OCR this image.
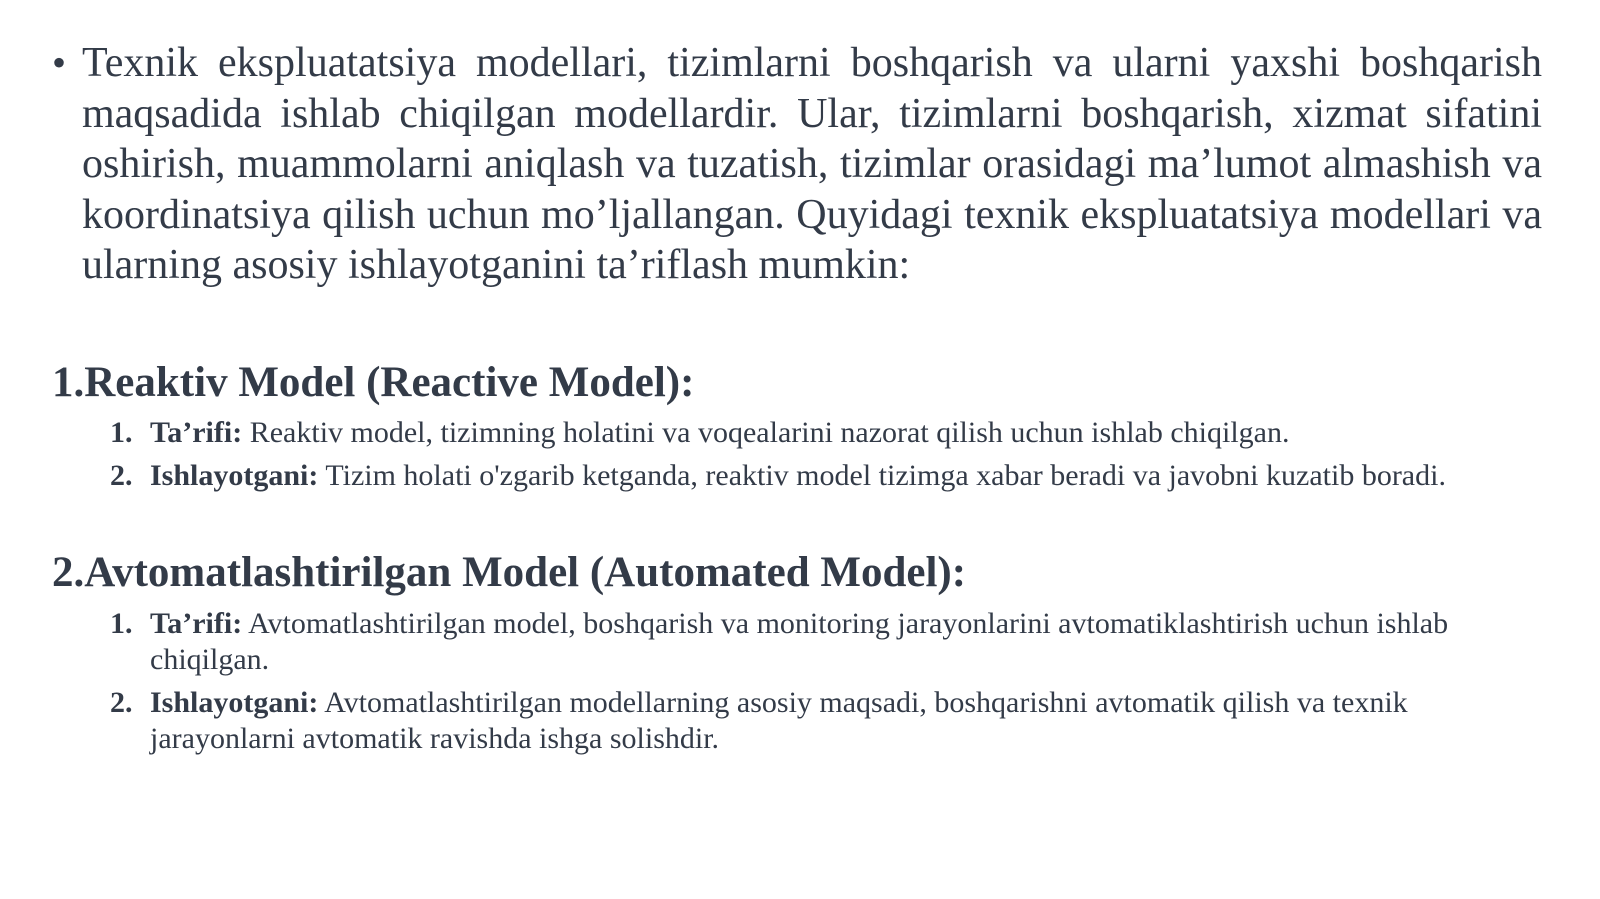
• Texnik ekspluatatsiya modellari, tizimlarni boshqarish va ularni yaxshi boshqarish maqsadida ishlab chiqilgan modellardir. Ular, tizimlarni boshqarish, xizmat sifatini oshirish, muammolarni aniqlash va tuzatish, tizimlar orasidagi ma’lumot almashish va koordinatsiya qilish uchun mo’ljallangan. Quyidagi texnik ekspluatatsiya modellari va ularning asosiy ishlayotganini ta’riflash mumkin:

1.Reaktiv Model (Reactive Model):
1. Ta’rifi: Reaktiv model, tizimning holatini va voqealarini nazorat qilish uchun ishlab chiqilgan.
2. Ishlayotgani: Tizim holati o'zgarib ketganda, reaktiv model tizimga xabar beradi va javobni kuzatib boradi.
2.Avtomatlashtirilgan Model (Automated Model):
1. Ta’rifi: Avtomatlashtirilgan model, boshqarish va monitoring jarayonlarini avtomatiklashtirish uchun ishlab chiqilgan.
2. Ishlayotgani: Avtomatlashtirilgan modellarning asosiy maqsadi, boshqarishni avtomatik qilish va texnik jarayonlarni avtomatik ravishda ishga solishdir.
